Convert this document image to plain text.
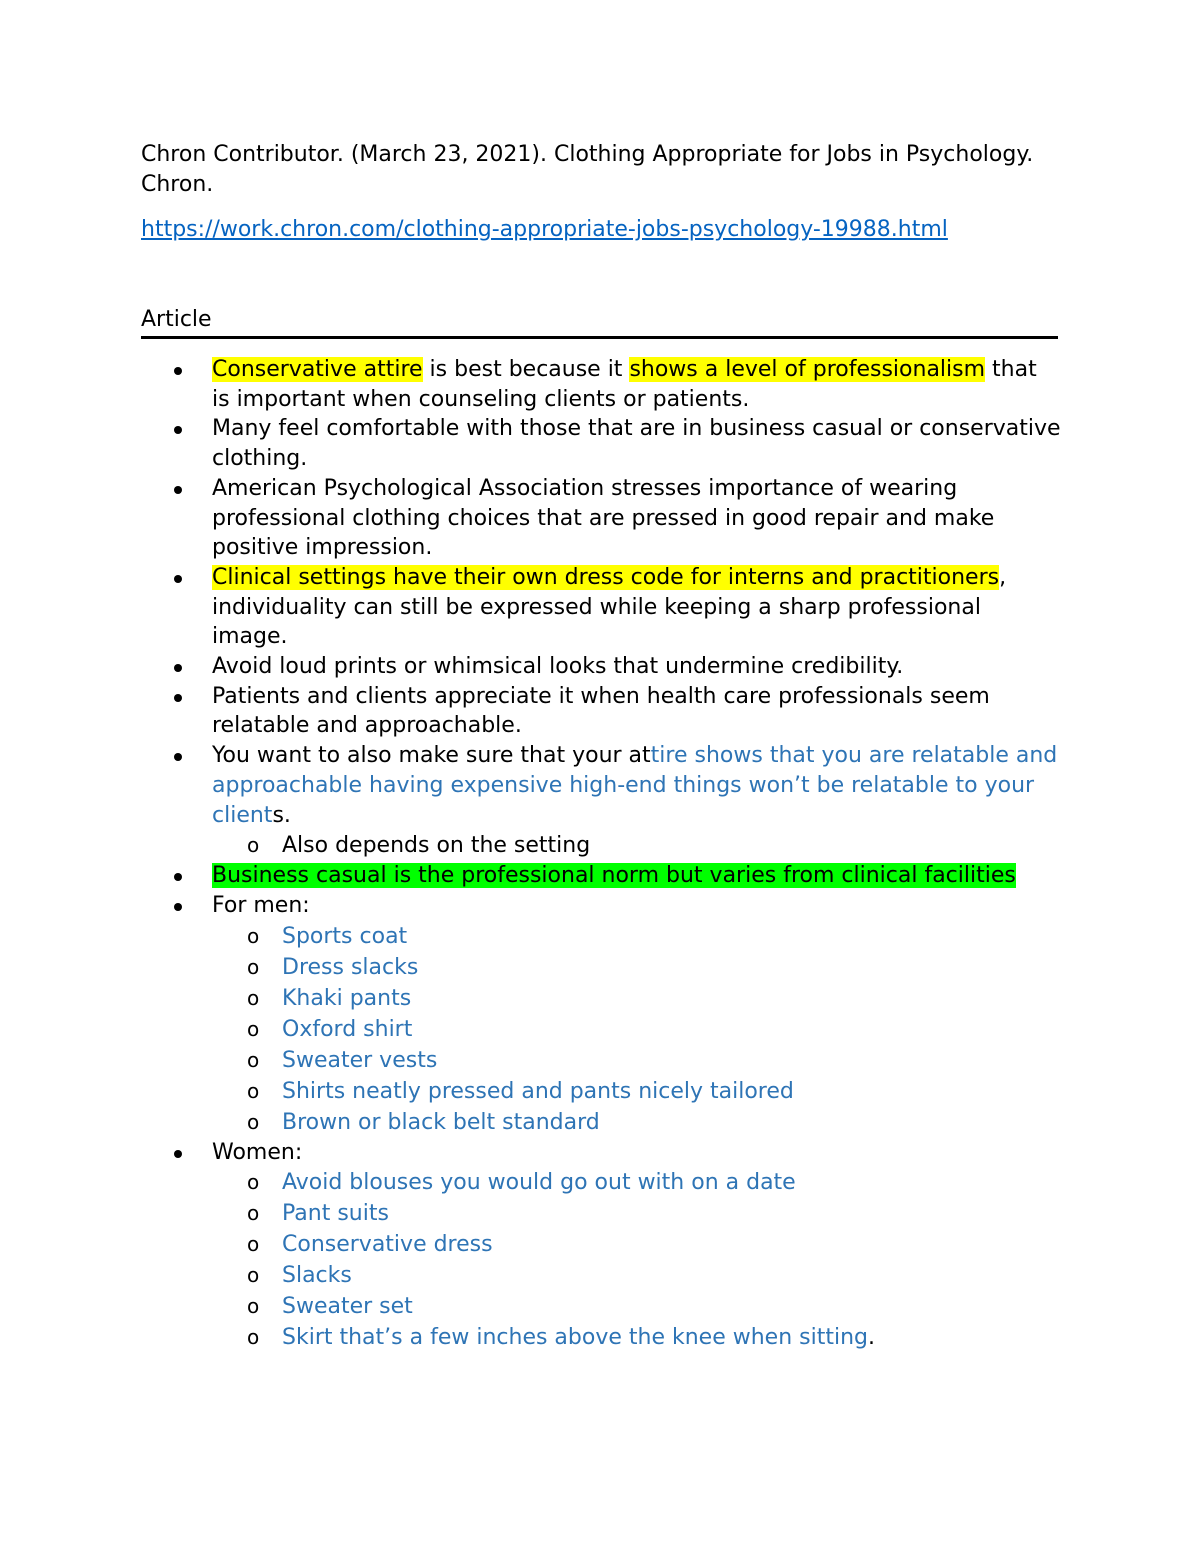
Chron Contributor. (March 23, 2021). Clothing Appropriate for Jobs in Psychology. Chron.

https://work.chron.com/clothing-appropriate-jobs-psychology-19988.html
Article
Conservative attire is best because it shows a level of professionalism that is important when counseling clients or patients.
Many feel comfortable with those that are in business casual or conservative clothing.
American Psychological Association stresses importance of wearing professional clothing choices that are pressed in good repair and make positive impression.
Clinical settings have their own dress code for interns and practitioners, individuality can still be expressed while keeping a sharp professional image.
Avoid loud prints or whimsical looks that undermine credibility.
Patients and clients appreciate it when health care professionals seem relatable and approachable.
You want to also make sure that your attire shows that you are relatable and approachable having expensive high-end things won’t be relatable to your clients.
o Also depends on the setting
Business casual is the professional norm but varies from clinical facilities
For men:
o Sports coat
o Dress slacks
o Khaki pants
o Oxford shirt
o Sweater vests
o Shirts neatly pressed and pants nicely tailored
o Brown or black belt standard
Women:
o Avoid blouses you would go out with on a date
o Pant suits
o Conservative dress
o Slacks
o Sweater set
o Skirt that’s a few inches above the knee when sitting.
